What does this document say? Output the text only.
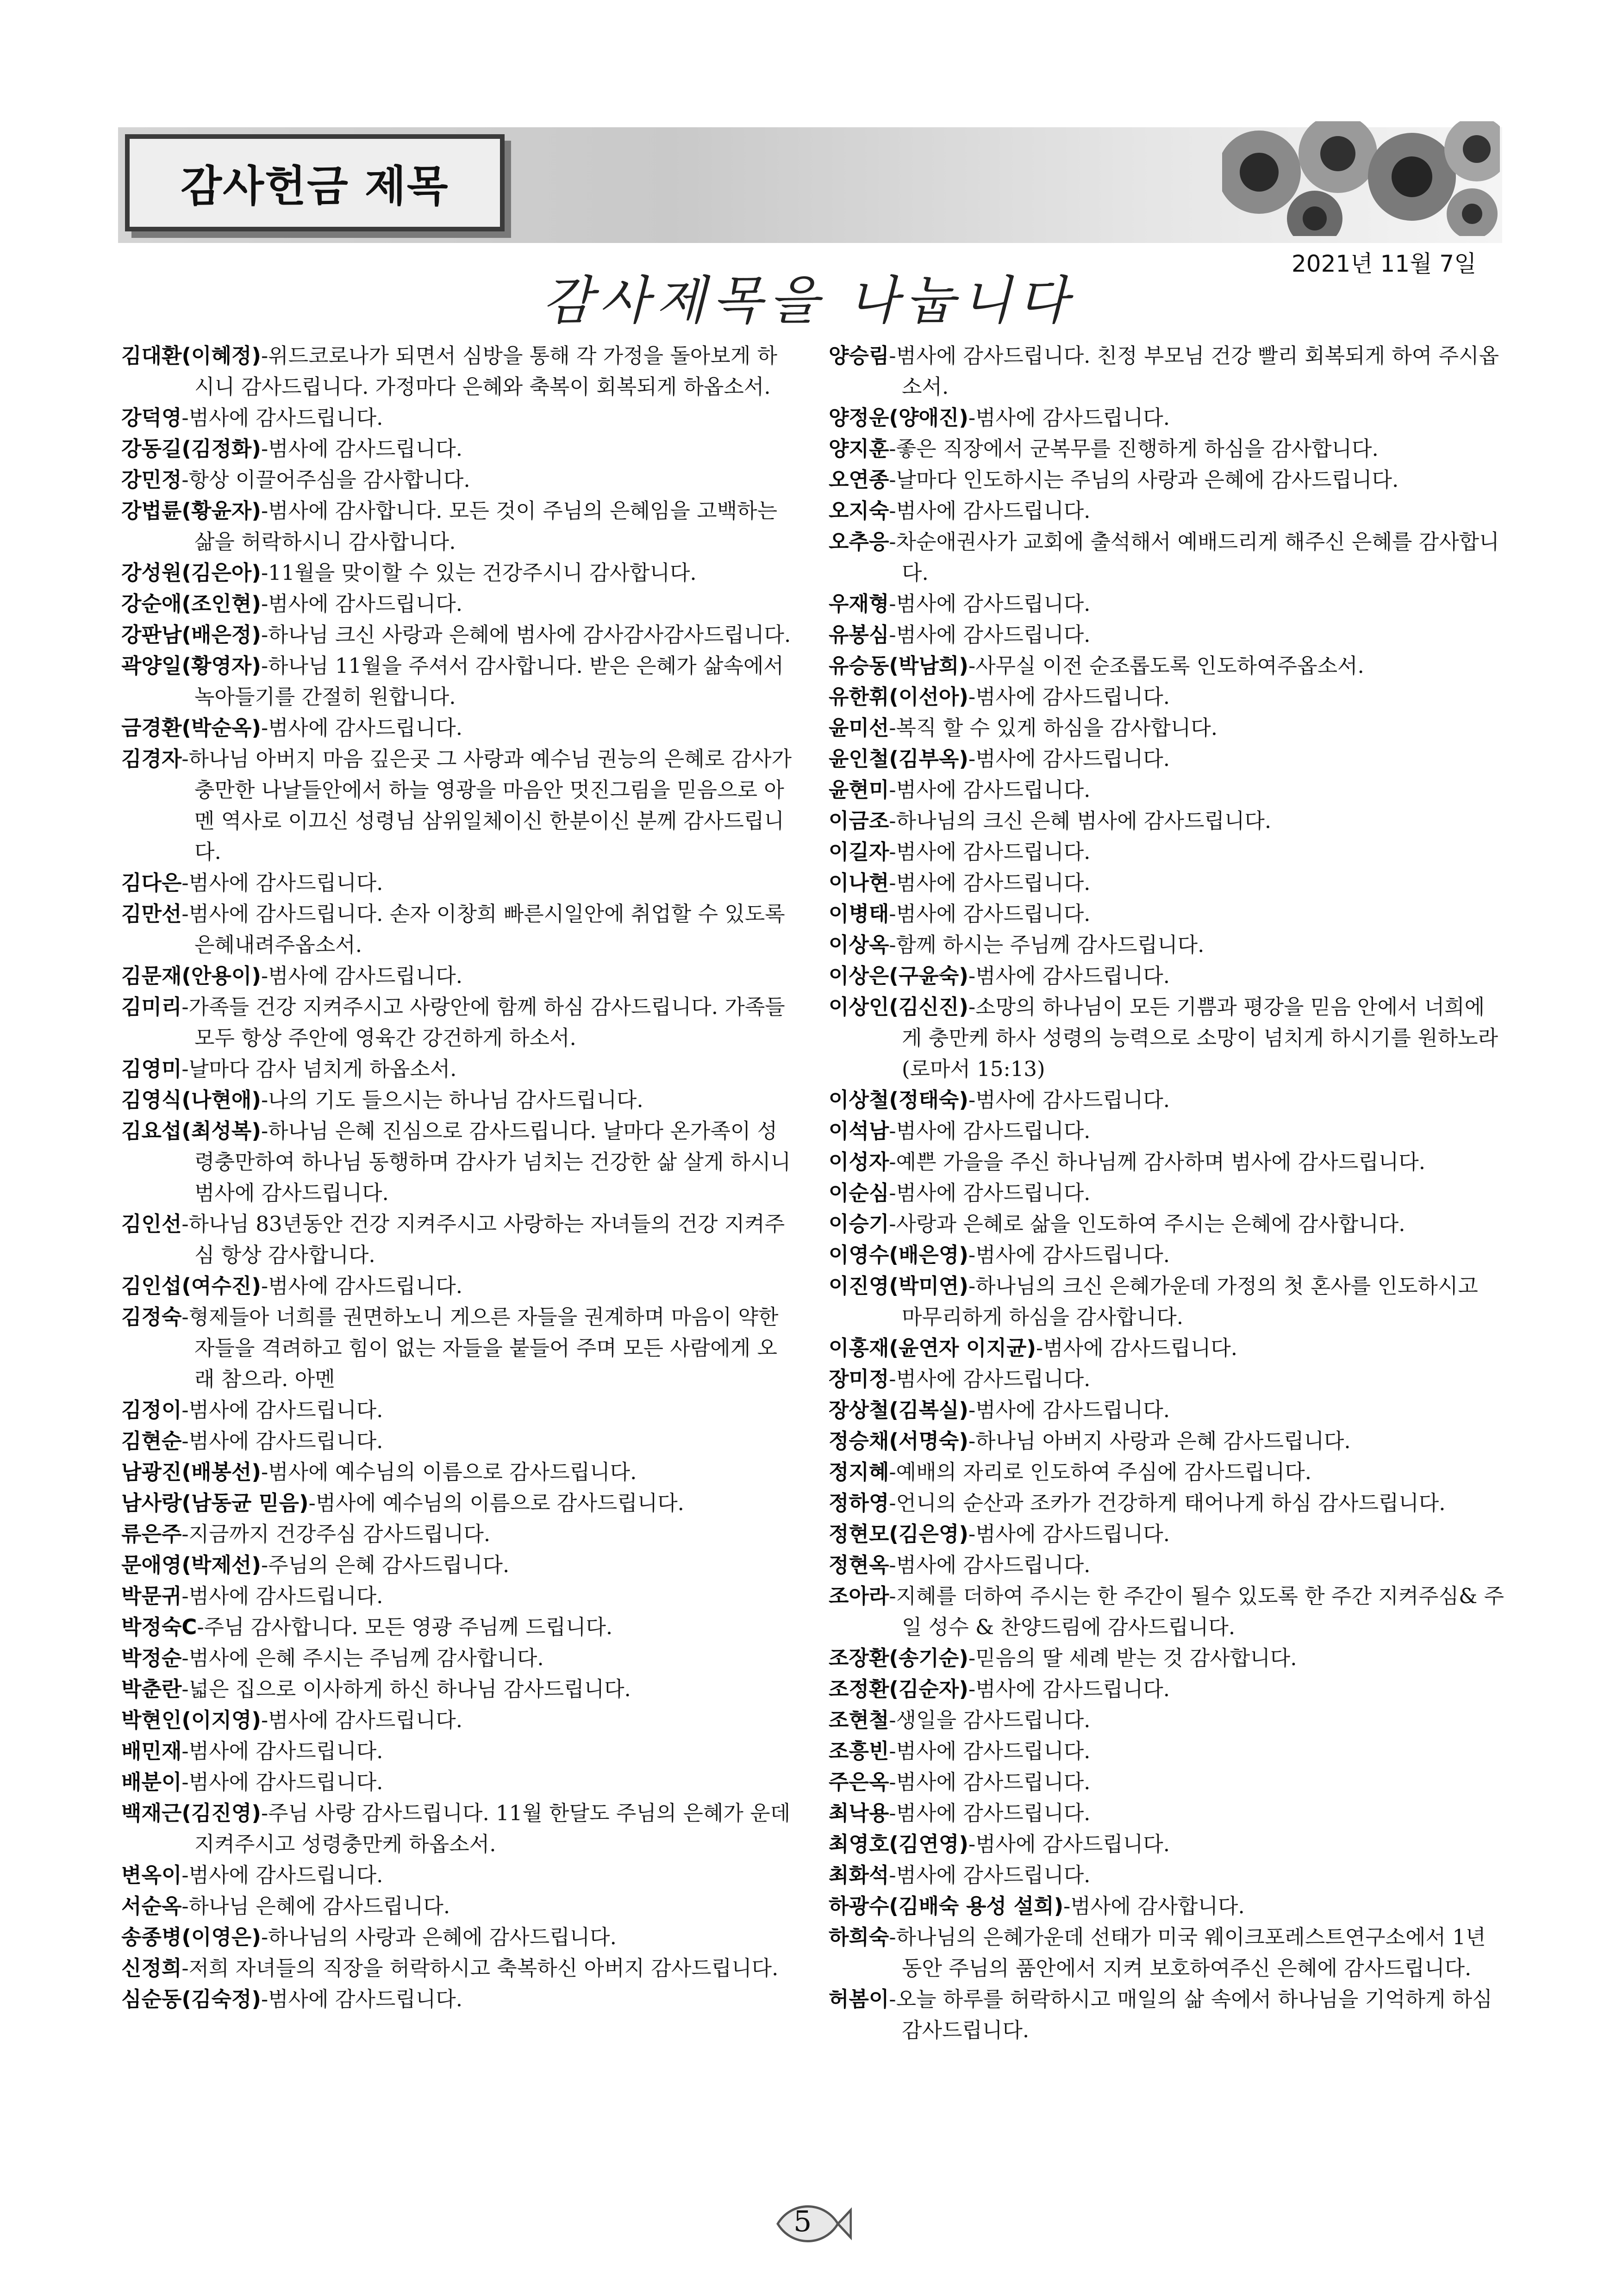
감사헌금 제목
2021년 11월 7일
감사제목을 나눕니다
김대환(이혜정)-위드코로나가 되면서 심방을 통해 각 가정을 돌아보게 하시니 감사드립니다. 가정마다 은혜와 축복이 회복되게 하옵소서.
강덕영-범사에 감사드립니다.
강동길(김정화)-범사에 감사드립니다.
강민정-항상 이끌어주심을 감사합니다.
강법륜(황윤자)-범사에 감사합니다. 모든 것이 주님의 은혜임을 고백하는 삶을 허락하시니 감사합니다.
강성원(김은아)-11월을 맞이할 수 있는 건강주시니 감사합니다.
강순애(조인현)-범사에 감사드립니다.
강판남(배은정)-하나님 크신 사랑과 은혜에 범사에 감사감사감사드립니다.
곽양일(황영자)-하나님 11월을 주셔서 감사합니다. 받은 은혜가 삶속에서 녹아들기를 간절히 원합니다.
금경환(박순옥)-범사에 감사드립니다.
김경자-하나님 아버지 마음 깊은곳 그 사랑과 예수님 권능의 은혜로 감사가 충만한 나날들안에서 하늘 영광을 마음안 멋진그림을 믿음으로 아멘 역사로 이끄신 성령님 삼위일체이신 한분이신 분께 감사드립니다.
김다은-범사에 감사드립니다.
김만선-범사에 감사드립니다. 손자 이창희 빠른시일안에 취업할 수 있도록 은혜내려주옵소서.
김문재(안용이)-범사에 감사드립니다.
김미리-가족들 건강 지켜주시고 사랑안에 함께 하심 감사드립니다. 가족들 모두 항상 주안에 영육간 강건하게 하소서.
김영미-날마다 감사 넘치게 하옵소서.
김영식(나현애)-나의 기도 들으시는 하나님 감사드립니다.
김요섭(최성복)-하나님 은혜 진심으로 감사드립니다. 날마다 온가족이 성령충만하여 하나님 동행하며 감사가 넘치는 건강한 삶 살게 하시니 범사에 감사드립니다.
김인선-하나님 83년동안 건강 지켜주시고 사랑하는 자녀들의 건강 지켜주심 항상 감사합니다.
김인섭(여수진)-범사에 감사드립니다.
김정숙-형제들아 너희를 권면하노니 게으른 자들을 권계하며 마음이 약한 자들을 격려하고 힘이 없는 자들을 붙들어 주며 모든 사람에게 오래 참으라. 아멘
김정이-범사에 감사드립니다.
김현순-범사에 감사드립니다.
남광진(배봉선)-범사에 예수님의 이름으로 감사드립니다.
남사랑(남동균 믿음)-범사에 예수님의 이름으로 감사드립니다.
류은주-지금까지 건강주심 감사드립니다.
문애영(박제선)-주님의 은혜 감사드립니다.
박문귀-범사에 감사드립니다.
박정숙C-주님 감사합니다. 모든 영광 주님께 드립니다.
박정순-범사에 은혜 주시는 주님께 감사합니다.
박춘란-넓은 집으로 이사하게 하신 하나님 감사드립니다.
박현인(이지영)-범사에 감사드립니다.
배민재-범사에 감사드립니다.
배분이-범사에 감사드립니다.
백재근(김진영)-주님 사랑 감사드립니다. 11월 한달도 주님의 은혜가 운데 지켜주시고 성령충만케 하옵소서.
변옥이-범사에 감사드립니다.
서순옥-하나님 은혜에 감사드립니다.
송종병(이영은)-하나님의 사랑과 은혜에 감사드립니다.
신정희-저희 자녀들의 직장을 허락하시고 축복하신 아버지 감사드립니다.
심순동(김숙정)-범사에 감사드립니다.
양승림-범사에 감사드립니다. 친정 부모님 건강 빨리 회복되게 하여 주시옵소서.
양정운(양애진)-범사에 감사드립니다.
양지훈-좋은 직장에서 군복무를 진행하게 하심을 감사합니다.
오연종-날마다 인도하시는 주님의 사랑과 은혜에 감사드립니다.
오지숙-범사에 감사드립니다.
오추응-차순애권사가 교회에 출석해서 예배드리게 해주신 은혜를 감사합니다.
우재형-범사에 감사드립니다.
유봉심-범사에 감사드립니다.
유승동(박남희)-사무실 이전 순조롭도록 인도하여주옵소서.
유한휘(이선아)-범사에 감사드립니다.
윤미선-복직 할 수 있게 하심을 감사합니다.
윤인철(김부옥)-범사에 감사드립니다.
윤현미-범사에 감사드립니다.
이금조-하나님의 크신 은혜 범사에 감사드립니다.
이길자-범사에 감사드립니다.
이나현-범사에 감사드립니다.
이병태-범사에 감사드립니다.
이상옥-함께 하시는 주님께 감사드립니다.
이상은(구윤숙)-범사에 감사드립니다.
이상인(김신진)-소망의 하나님이 모든 기쁨과 평강을 믿음 안에서 너희에게 충만케 하사 성령의 능력으로 소망이 넘치게 하시기를 원하노라(로마서 15:13)
이상철(정태숙)-범사에 감사드립니다.
이석남-범사에 감사드립니다.
이성자-예쁜 가을을 주신 하나님께 감사하며 범사에 감사드립니다.
이순심-범사에 감사드립니다.
이승기-사랑과 은혜로 삶을 인도하여 주시는 은혜에 감사합니다.
이영수(배은영)-범사에 감사드립니다.
이진영(박미연)-하나님의 크신 은혜가운데 가정의 첫 혼사를 인도하시고 마무리하게 하심을 감사합니다.
이홍재(윤연자 이지균)-범사에 감사드립니다.
장미정-범사에 감사드립니다.
장상철(김복실)-범사에 감사드립니다.
정승채(서명숙)-하나님 아버지 사랑과 은혜 감사드립니다.
정지혜-예배의 자리로 인도하여 주심에 감사드립니다.
정하영-언니의 순산과 조카가 건강하게 태어나게 하심 감사드립니다.
정현모(김은영)-범사에 감사드립니다.
정현옥-범사에 감사드립니다.
조아라-지혜를 더하여 주시는 한 주간이 될수 있도록 한 주간 지켜주심& 주일 성수 & 찬양드림에 감사드립니다.
조장환(송기순)-믿음의 딸 세례 받는 것 감사합니다.
조정환(김순자)-범사에 감사드립니다.
조현철-생일을 감사드립니다.
조흥빈-범사에 감사드립니다.
주은옥-범사에 감사드립니다.
최낙용-범사에 감사드립니다.
최영호(김연영)-범사에 감사드립니다.
최화석-범사에 감사드립니다.
하광수(김배숙 용성 설희)-범사에 감사합니다.
하희숙-하나님의 은혜가운데 선태가 미국 웨이크포레스트연구소에서 1년동안 주님의 품안에서 지켜 보호하여주신 은혜에 감사드립니다.
허봄이-오늘 하루를 허락하시고 매일의 삶 속에서 하나님을 기억하게 하심 감사드립니다.
5
